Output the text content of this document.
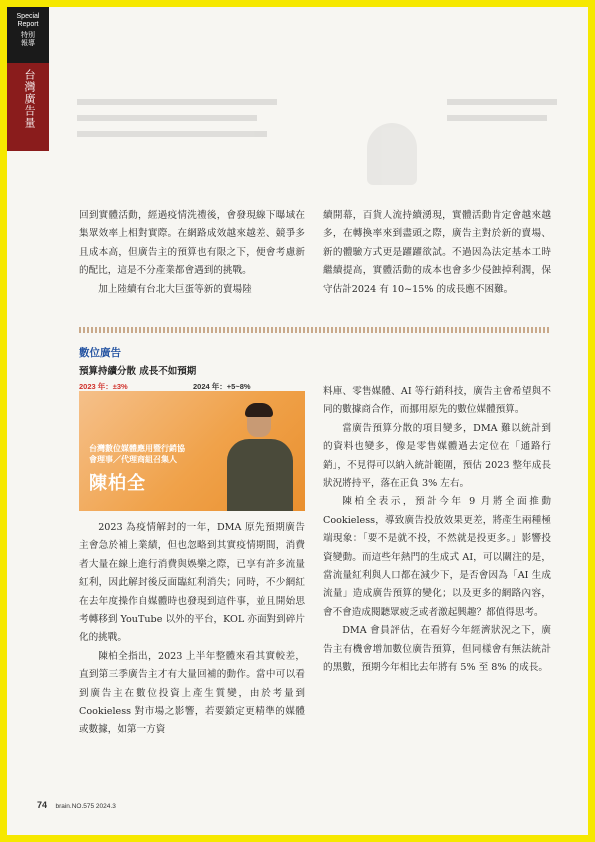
Special
Report
特別
報導
台灣廣告量

回到實體活動，經過疫情洗禮後，會發現線下曝域在集眾效率上相對實際。在網路成效越來越差、競爭多且成本高，但廣告主的預算也有限之下，便會考慮新的配比，這是不分產業都會遇到的挑戰。

加上陸續有台北大巨蛋等新的賣場陸

續開幕，百貨人流持續湧現，實體活動肯定會越來越多，在轉換率來到盡頭之際，廣告主對於新的賣場、新的體驗方式更是躍躍欲試。不過因為法定基本工時繼續提高，實體活動的成本也會多少侵蝕掉利潤，保守估計2024 有 10~15% 的成長應不困難。

數位廣告
預算持續分散 成長不如預期
2023 年：±3%	2024 年：+5~8%
台灣數位媒體應用暨行銷協
會理事／代理商組召集人
陳柏全

2023 為疫情解封的一年，DMA 原先預期廣告主會急於補上業績，但也忽略到其實疫情期間，消費者大量在線上進行消費與娛樂之際，已享有許多流量紅利，因此解封後反面臨紅利消失；同時，不少網紅在去年度操作自媒體時也發現到這件事，並且開始思考轉移到 YouTube 以外的平台，KOL 亦面對到碎片化的挑戰。

陳柏全指出，2023 上半年整體來看其實較差，直到第三季廣告主才有大量回補的動作。當中可以看到廣告主在數位投資上產生質變，由於考量到 Cookieless 對市場之影響，若要鎖定更精準的媒體或數據，如第一方資

料庫、零售媒體、AI 等行銷科技，廣告主會希望與不同的數據商合作，而挪用原先的數位媒體預算。

當廣告預算分散的項目變多，DMA 難以統計到的資料也變多，像是零售媒體過去定位在「通路行銷」，不見得可以納入統計範圍，預估 2023 整年成長狀況將持平，落在正負 3% 左右。

陳柏全表示，預計今年 9 月將全面推動 Cookieless，導致廣告投放效果更差，將產生兩種極端現象：「要不是就不投，不然就是投更多。」影響投資變動。而這些年熱門的生成式 AI，可以關注的是，當流量紅利與人口都在減少下，是否會因為「AI 生成流量」造成廣告預算的變化；以及更多的網路內容，會不會造成閱聽眾疲乏或者激起興趣？都值得思考。

DMA 會員評估，在看好今年經濟狀況之下，廣告主有機會增加數位廣告預算，但同樣會有無法統計的黑數，預期今年相比去年將有 5% 至 8% 的成長。

74 brain.NO.575 2024.3
